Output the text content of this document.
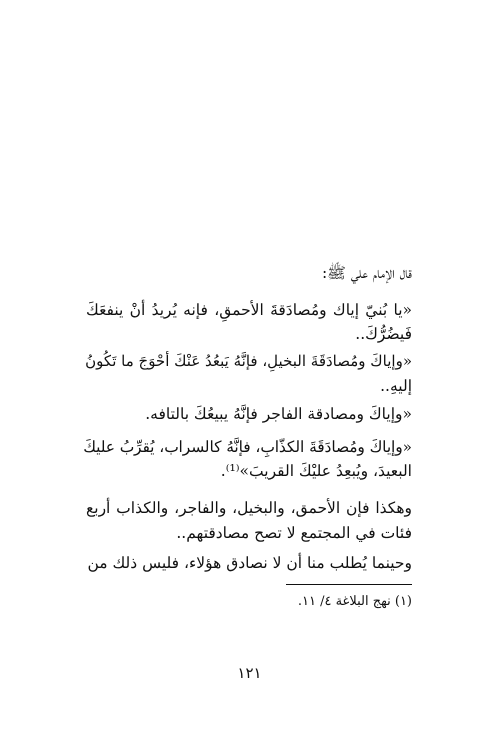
قال الإمام علي ﷺ:
«يا بُنيّ إياك ومُصادَقةَ الأحمقِ، فإنه يُريدُ أنْ ينفعَكَ
فَيضُرُّكَ..
«وإياكَ ومُصادَقَةَ البخيلِ، فإنَّهُ يَبعُدُ عَنْكَ أحْوَجَ ما تَكُونُ
إليهِ..
«وإياكَ ومصادقة الفاجر فإنَّهُ يبيعُكَ بالتافه.
«وإياكَ ومُصادَقَةَ الكذّابِ، فإنَّهُ كالسراب، يُقرِّبُ عليكَ
البعيدَ، ويُبعِدُ عليْكَ القريبَ»⁽¹⁾.
وهكذا فإن الأحمق، والبخيل، والفاجر، والكذاب أربع
فئات في المجتمع لا تصح مصادقتهم..
وحينما يُطلب منا أن لا نصادق هؤلاء، فليس ذلك من
(١) نهج البلاغة ٤/ ١١.
١٢١
